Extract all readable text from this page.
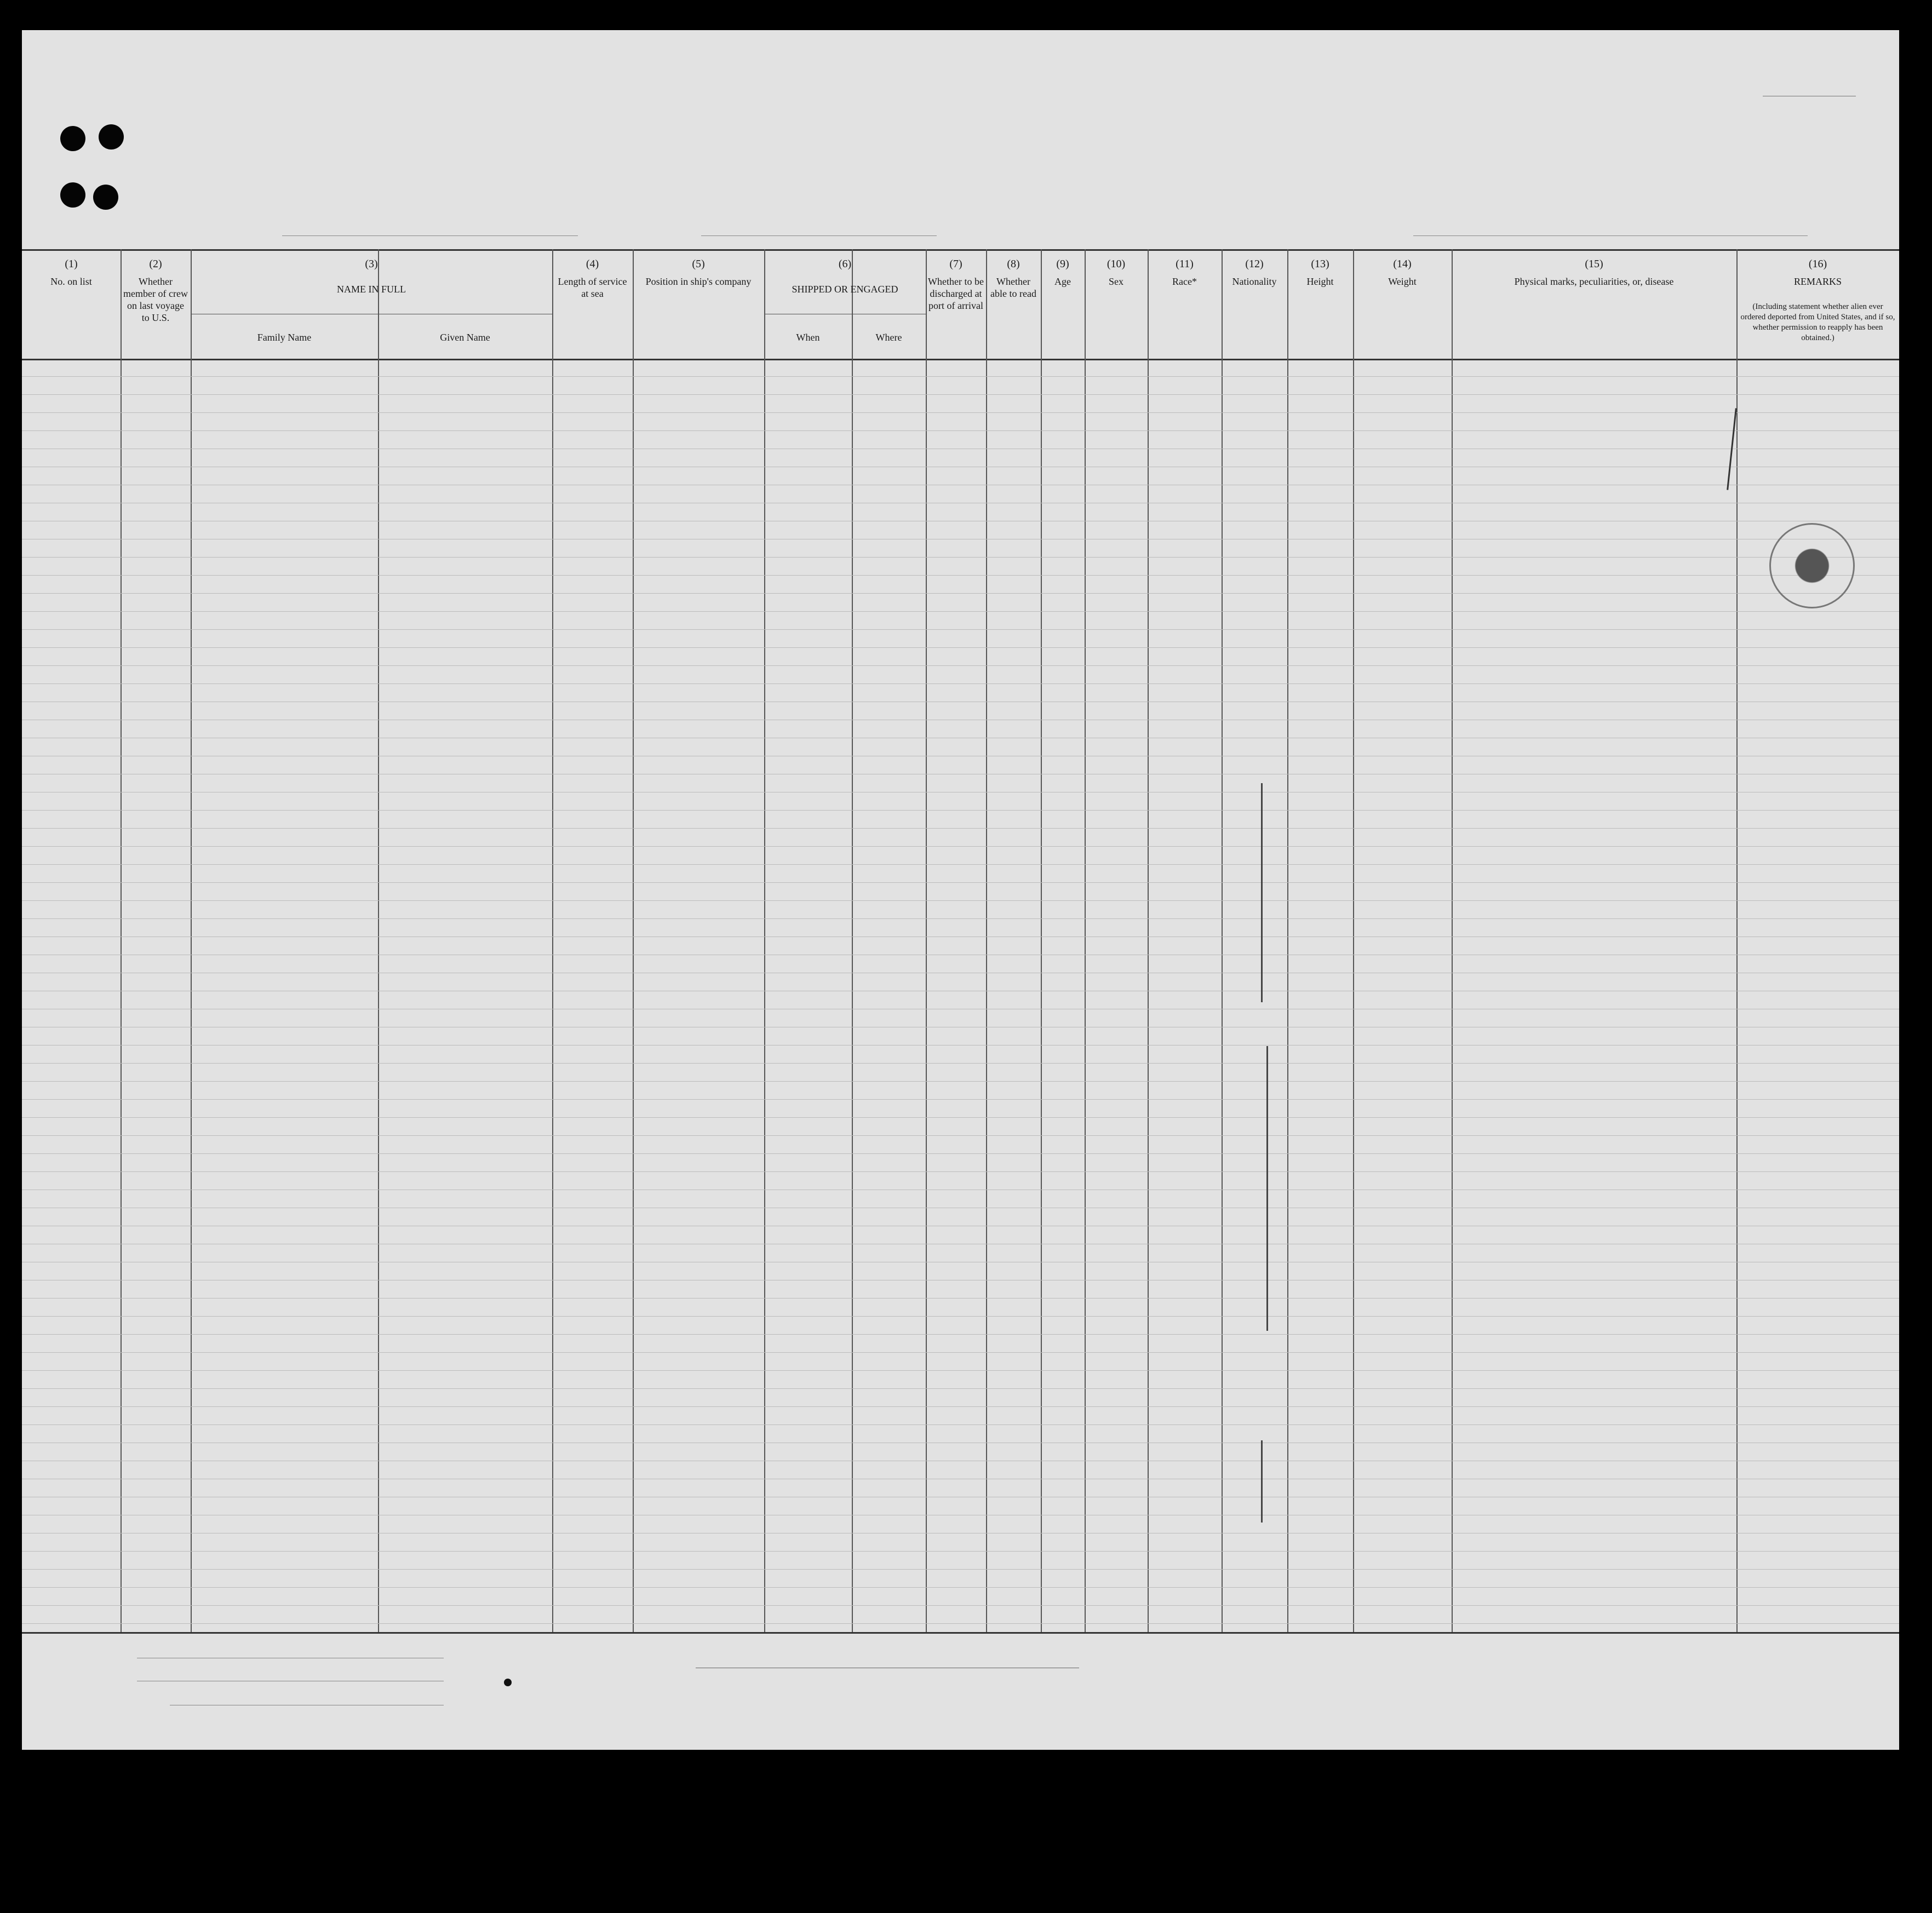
(1)
No. on list
(2)
Whether member of crew on last voyage to U.S.
(3)
NAME IN FULL
Family Name	Given Name
(4)
Length of service at sea
(5)
Position in ship's company
(6)
SHIPPED OR ENGAGED
When	Where
(7)
Whether to be discharged at port of arrival
(8)
Whether able to read
(9)
Age
(10)
Sex
(11)
Race*
(12)
Nationality
(13)
Height
(14)
Weight
(15)
Physical marks, peculiarities, or, disease
(16)
REMARKS
(Including statement whether alien ever ordered deported from United States, and if so, whether permission to reapply has been obtained.)
